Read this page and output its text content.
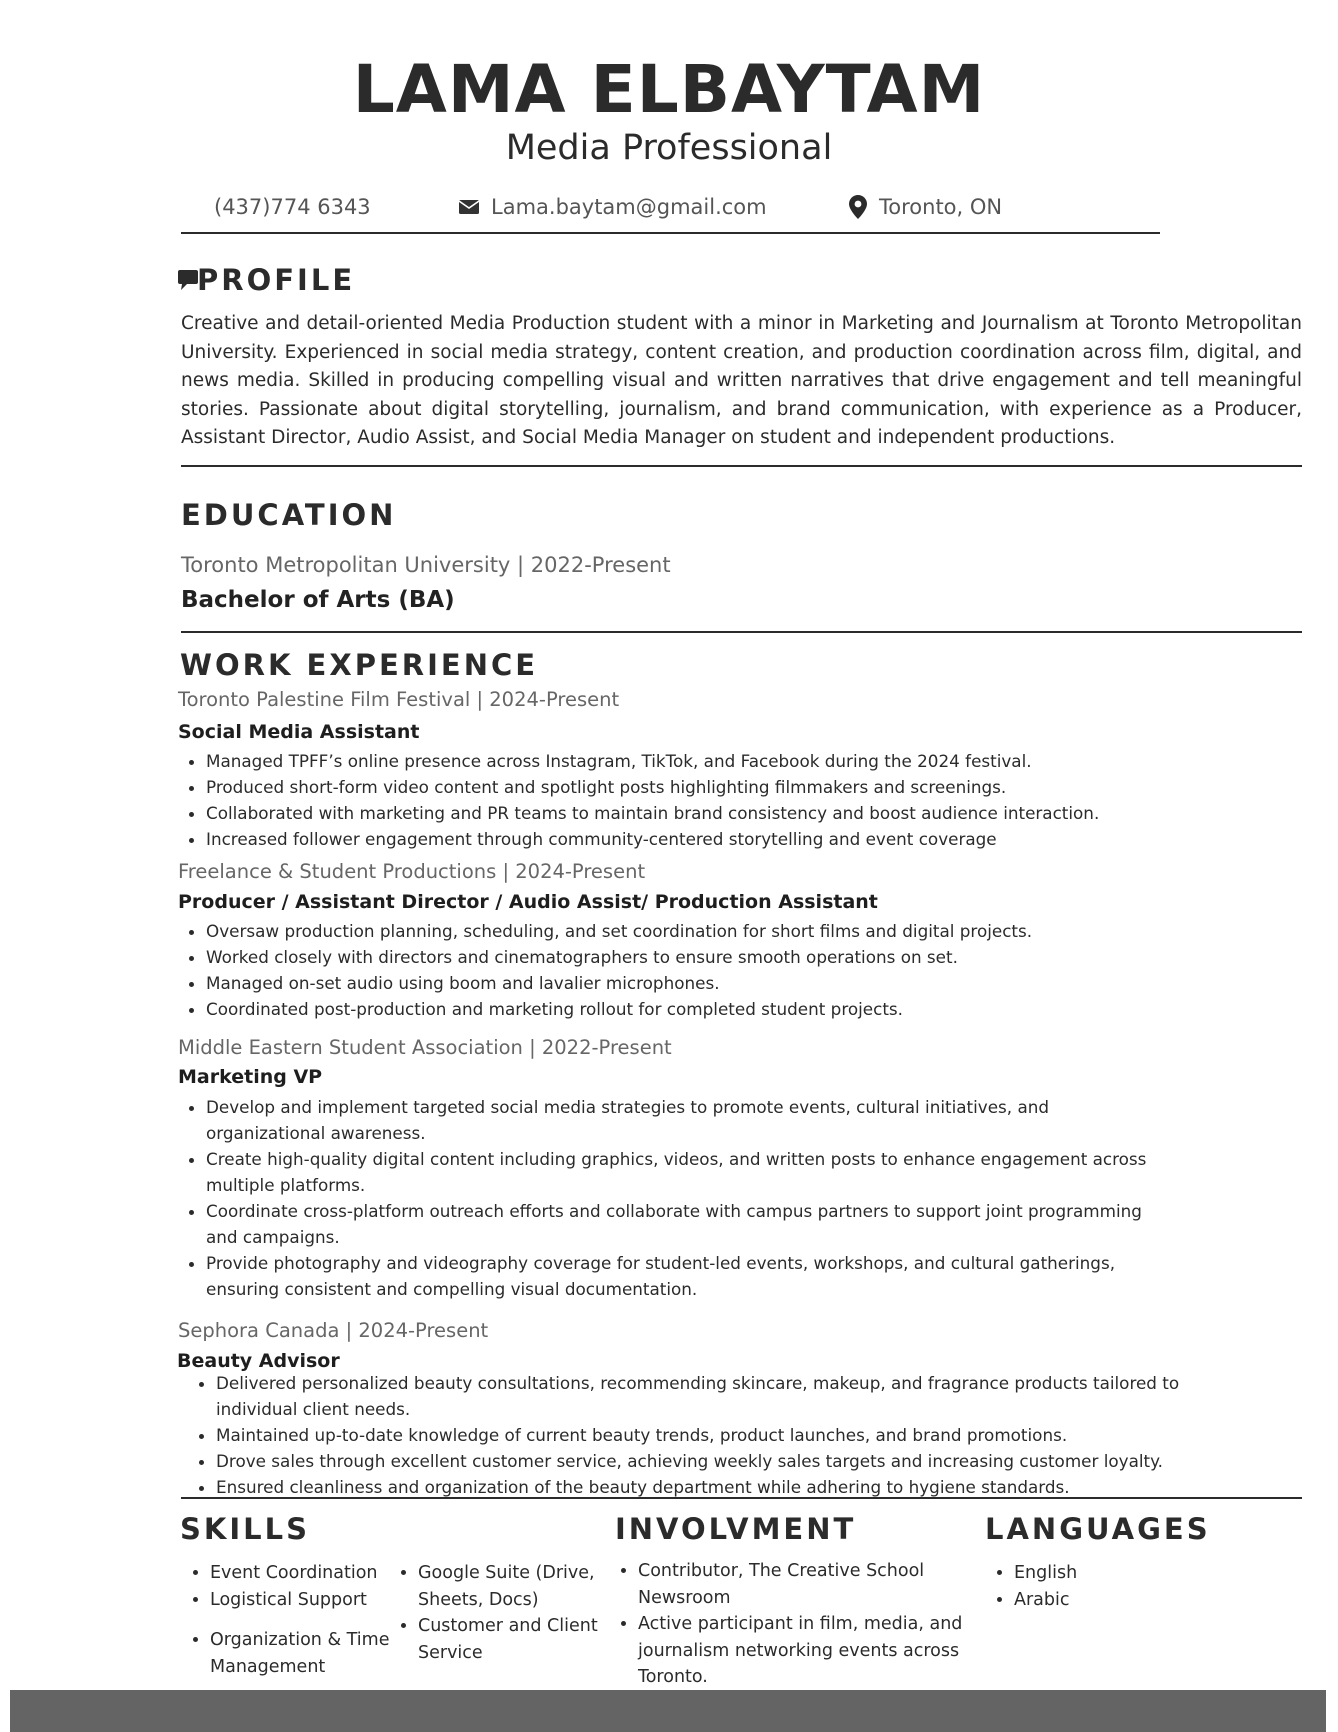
LAMA ELBAYTAM
Media Professional
(437)774 6343	Lama.baytam@gmail.com	Toronto, ON
PROFILE
Creative and detail-oriented Media Production student with a minor in Marketing and Journalism at Toronto Metropolitan University. Experienced in social media strategy, content creation, and production coordination across film, digital, and news media. Skilled in producing compelling visual and written narratives that drive engagement and tell meaningful stories. Passionate about digital storytelling, journalism, and brand communication, with experience as a Producer, Assistant Director, Audio Assist, and Social Media Manager on student and independent productions.
EDUCATION
Toronto Metropolitan University | 2022-Present
Bachelor of Arts (BA)
WORK EXPERIENCE
Toronto Palestine Film Festival | 2024-Present
Social Media Assistant
• Managed TPFF’s online presence across Instagram, TikTok, and Facebook during the 2024 festival.
• Produced short-form video content and spotlight posts highlighting filmmakers and screenings.
• Collaborated with marketing and PR teams to maintain brand consistency and boost audience interaction.
• Increased follower engagement through community-centered storytelling and event coverage
Freelance & Student Productions | 2024-Present
Producer / Assistant Director / Audio Assist/ Production Assistant
• Oversaw production planning, scheduling, and set coordination for short films and digital projects.
• Worked closely with directors and cinematographers to ensure smooth operations on set.
• Managed on-set audio using boom and lavalier microphones.
• Coordinated post-production and marketing rollout for completed student projects.
Middle Eastern Student Association | 2022-Present
Marketing VP
• Develop and implement targeted social media strategies to promote events, cultural initiatives, and organizational awareness.
• Create high-quality digital content including graphics, videos, and written posts to enhance engagement across multiple platforms.
• Coordinate cross-platform outreach efforts and collaborate with campus partners to support joint programming and campaigns.
• Provide photography and videography coverage for student-led events, workshops, and cultural gatherings, ensuring consistent and compelling visual documentation.
Sephora Canada | 2024-Present
Beauty Advisor
• Delivered personalized beauty consultations, recommending skincare, makeup, and fragrance products tailored to individual client needs.
• Maintained up-to-date knowledge of current beauty trends, product launches, and brand promotions.
• Drove sales through excellent customer service, achieving weekly sales targets and increasing customer loyalty.
• Ensured cleanliness and organization of the beauty department while adhering to hygiene standards.
SKILLS
• Event Coordination
• Logistical Support
• Organization & Time Management
• Google Suite (Drive, Sheets, Docs)
• Customer and Client Service
INVOLVMENT
• Contributor, The Creative School Newsroom
• Active participant in film, media, and journalism networking events across Toronto.
LANGUAGES
• English
• Arabic
